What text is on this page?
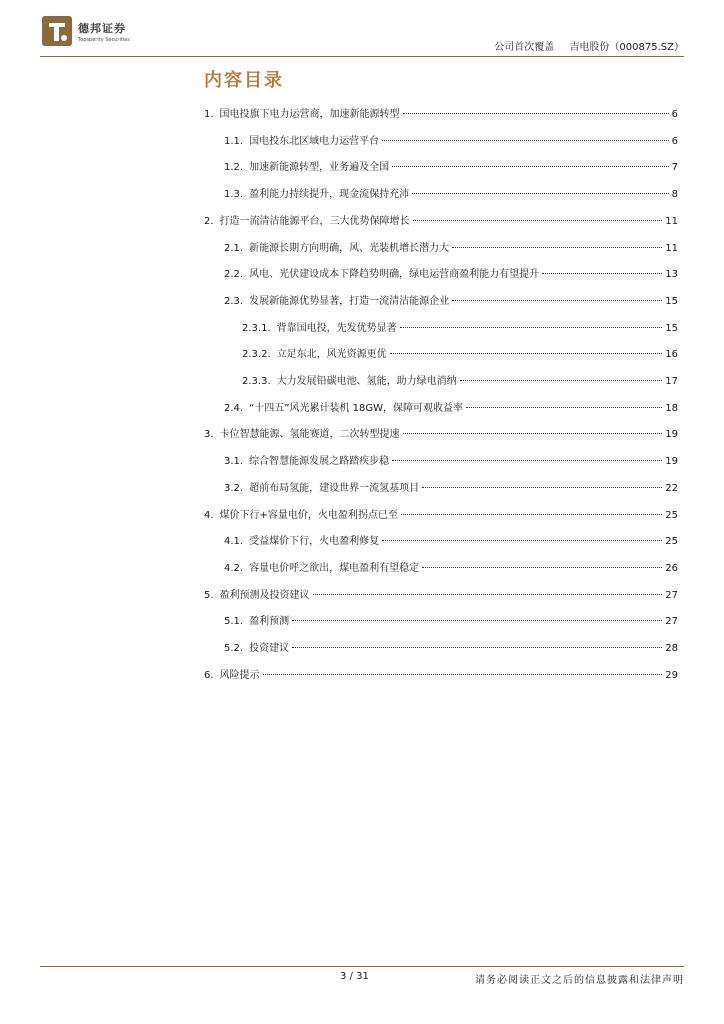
德邦证券
Topsperity Securities
公司首次覆盖 吉电股份（000875.SZ）
内容目录
1. 国电投旗下电力运营商，加速新能源转型	6
1.1. 国电投东北区域电力运营平台	6
1.2. 加速新能源转型，业务遍及全国	7
1.3. 盈利能力持续提升，现金流保持充沛	8
2. 打造一流清洁能源平台，三大优势保障增长	11
2.1. 新能源长期方向明确，风、光装机增长潜力大	11
2.2. 风电、光伏建设成本下降趋势明确，绿电运营商盈利能力有望提升	13
2.3. 发展新能源优势显著，打造一流清洁能源企业	15
2.3.1. 背靠国电投，先发优势显著	15
2.3.2. 立足东北，风光资源更优	16
2.3.3. 大力发展铅碳电池、氢能，助力绿电消纳	17
2.4. “十四五”风光累计装机 18GW，保障可观收益率	18
3. 卡位智慧能源、氢能赛道，二次转型提速	19
3.1. 综合智慧能源发展之路踏疾步稳	19
3.2. 超前布局氢能，建设世界一流氢基项目	22
4. 煤价下行+容量电价，火电盈利拐点已至	25
4.1. 受益煤价下行，火电盈利修复	25
4.2. 容量电价呼之欲出，煤电盈利有望稳定	26
5. 盈利预测及投资建议	27
5.1. 盈利预测	27
5.2. 投资建议	28
6. 风险提示	29
3 / 31	请务必阅读正文之后的信息披露和法律声明
